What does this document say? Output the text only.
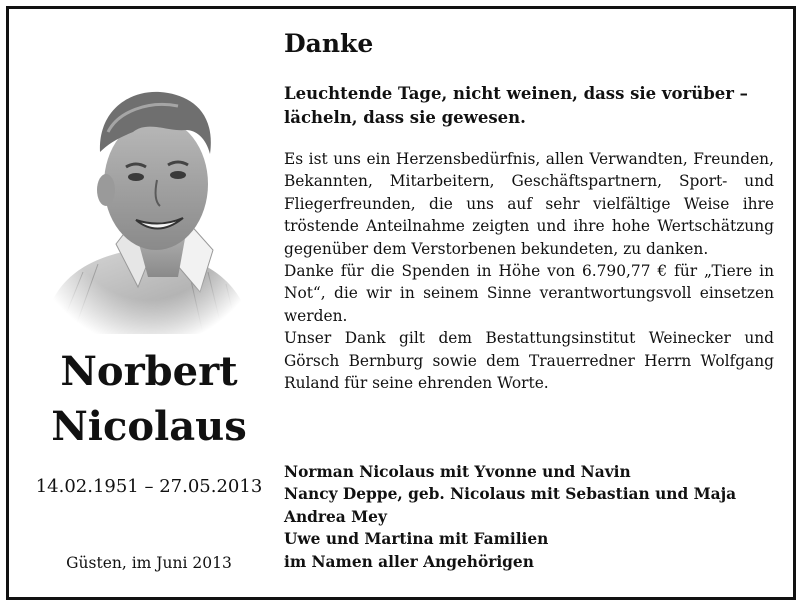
Norbert
Nicolaus
14.02.1951 – 27.05.2013
Güsten, im Juni 2013
Danke
Leuchtende Tage, nicht weinen, dass sie vorüber –
lächeln, dass sie gewesen.

Es ist uns ein Herzensbedürfnis, allen Verwandten, Freunden, Bekannten, Mitarbeitern, Geschäftspartnern, Sport- und Fliegerfreunden, die uns auf sehr vielfältige Weise ihre tröstende Anteilnahme zeigten und ihre hohe Wertschätzung gegenüber dem Verstorbenen bekundeten, zu danken.

Danke für die Spenden in Höhe von 6.790,77 € für „Tiere in Not“, die wir in seinem Sinne verantwortungsvoll einsetzen werden.

Unser Dank gilt dem Bestattungsinstitut Weinecker und Görsch Bernburg sowie dem Trauerredner Herrn Wolfgang Ruland für seine ehrenden Worte.

Norman Nicolaus mit Yvonne und Navin
Nancy Deppe, geb. Nicolaus mit Sebastian und Maja
Andrea Mey
Uwe und Martina mit Familien
im Namen aller Angehörigen
